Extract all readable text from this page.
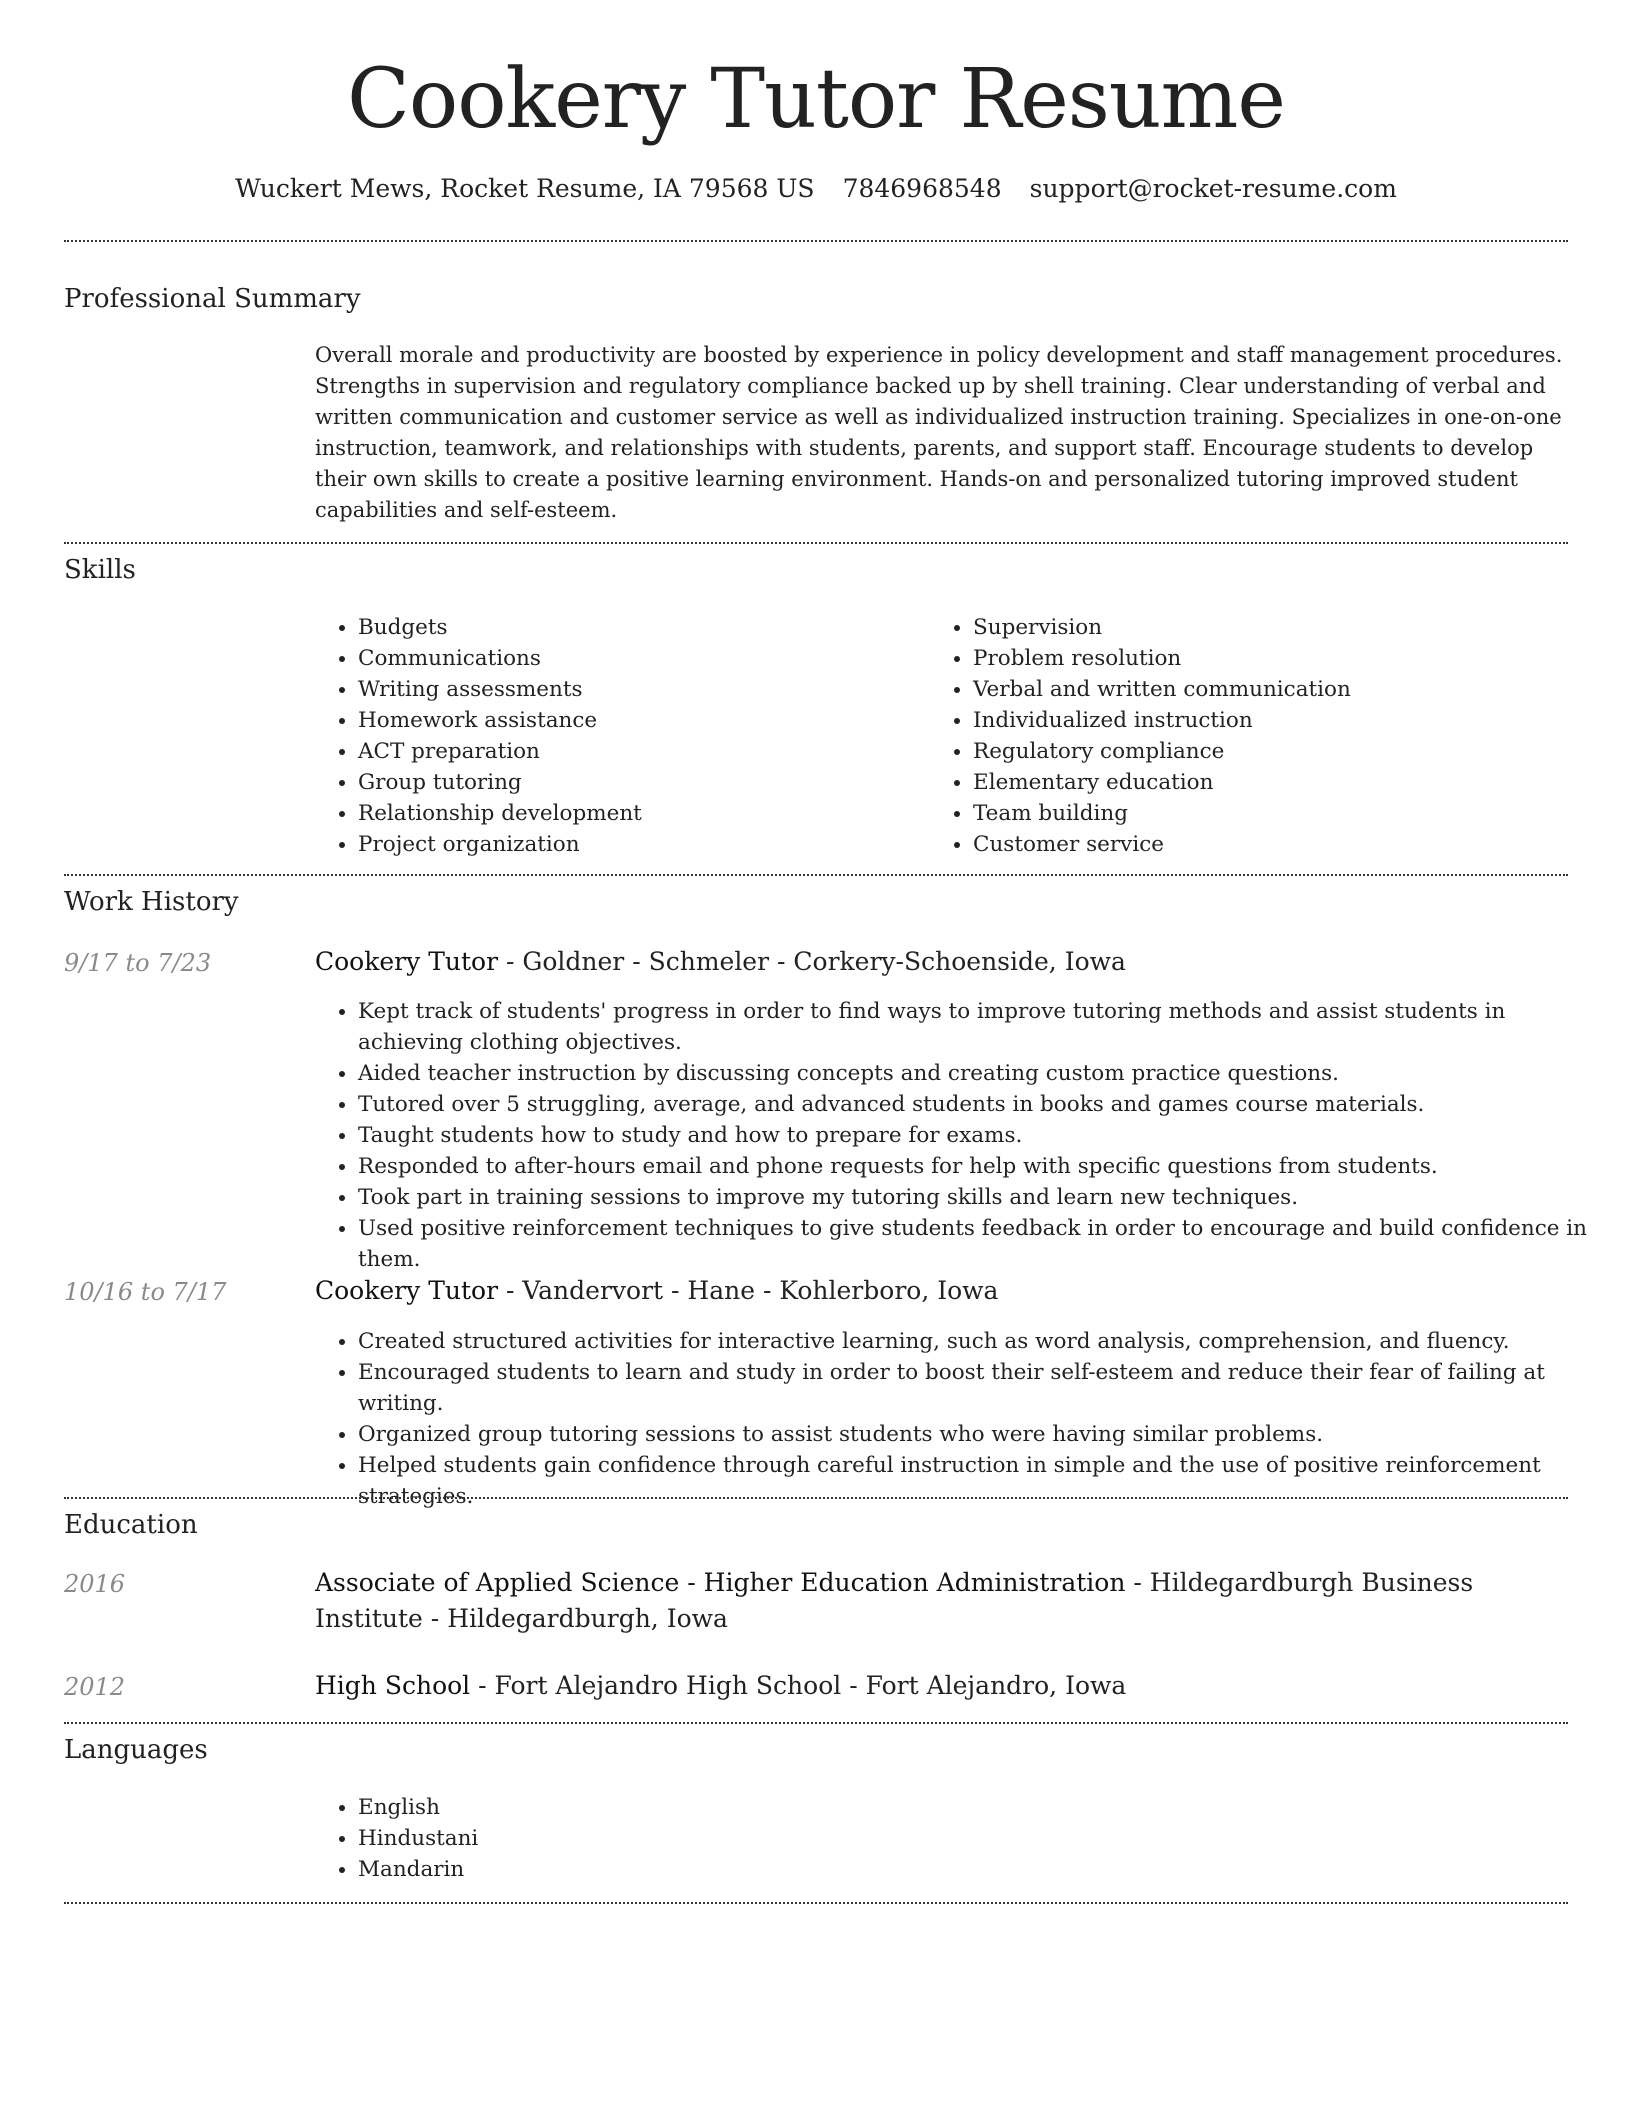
Cookery Tutor Resume
Wuckert Mews, Rocket Resume, IA 79568 US 7846968548 support@rocket-resume.com
Professional Summary

Overall morale and productivity are boosted by experience in policy development and staff management procedures. Strengths in supervision and regulatory compliance backed up by shell training. Clear understanding of verbal and written communication and customer service as well as individualized instruction training. Specializes in one-on-one instruction, teamwork, and relationships with students, parents, and support staff. Encourage students to develop their own skills to create a positive learning environment. Hands-on and personalized tutoring improved student capabilities and self-esteem.

Skills
• Budgets
• Communications
• Writing assessments
• Homework assistance
• ACT preparation
• Group tutoring
• Relationship development
• Project organization
• Supervision
• Problem resolution
• Verbal and written communication
• Individualized instruction
• Regulatory compliance
• Elementary education
• Team building
• Customer service
Work History
9/17 to 7/23	Cookery Tutor - Goldner - Schmeler - Corkery-Schoenside, Iowa
• Kept track of students' progress in order to find ways to improve tutoring methods and assist students in achieving clothing objectives.
• Aided teacher instruction by discussing concepts and creating custom practice questions.
• Tutored over 5 struggling, average, and advanced students in books and games course materials.
• Taught students how to study and how to prepare for exams.
• Responded to after-hours email and phone requests for help with specific questions from students.
• Took part in training sessions to improve my tutoring skills and learn new techniques.
• Used positive reinforcement techniques to give students feedback in order to encourage and build confidence in them.
10/16 to 7/17	Cookery Tutor - Vandervort - Hane - Kohlerboro, Iowa
• Created structured activities for interactive learning, such as word analysis, comprehension, and fluency.
• Encouraged students to learn and study in order to boost their self-esteem and reduce their fear of failing at writing.
• Organized group tutoring sessions to assist students who were having similar problems.
• Helped students gain confidence through careful instruction in simple and the use of positive reinforcement strategies.
Education
2016	Associate of Applied Science - Higher Education Administration - Hildegardburgh Business Institute - Hildegardburgh, Iowa
2012	High School - Fort Alejandro High School - Fort Alejandro, Iowa
Languages
• English
• Hindustani
• Mandarin
